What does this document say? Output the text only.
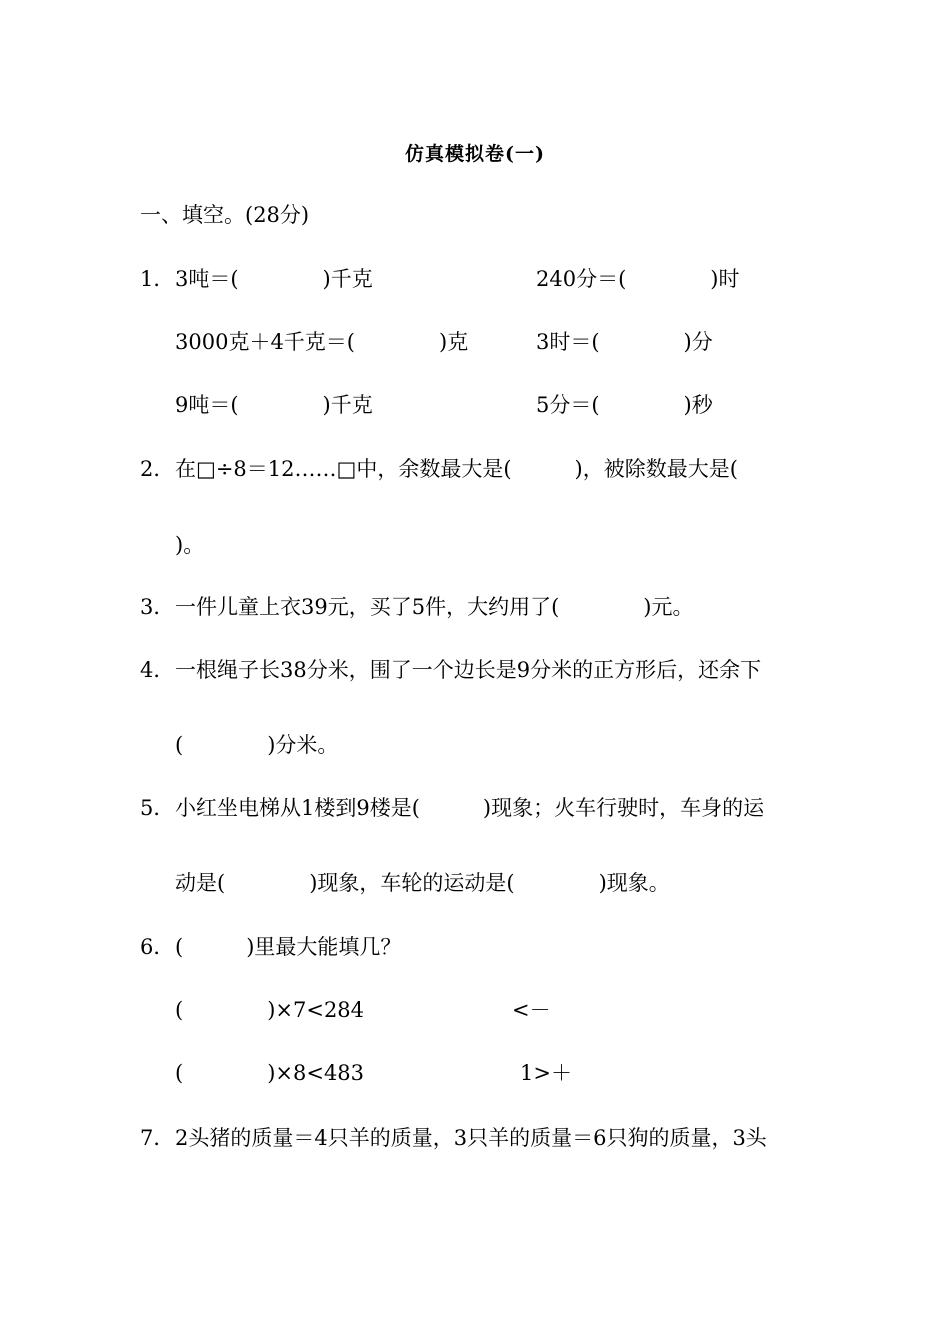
仿真模拟卷(一)
一、填空。(28分)
1． 3吨＝(　　　　)千克	240分＝(　　　　)时
3000克＋4千克＝(　　　　)克	3时＝(　　　　)分
9吨＝(　　　　)千克	5分＝(　　　　)秒
2． 在□÷8＝12……□中，余数最大是(　　　)，被除数最大是(
)。
3． 一件儿童上衣39元，买了5件，大约用了(　　　　)元。
4． 一根绳子长38分米，围了一个边长是9分米的正方形后，还余下
(　　　　)分米。
5． 小红坐电梯从1楼到9楼是(　　　)现象；火车行驶时，车身的运
动是(　　　　)现象，车轮的运动是(　　　　)现象。
6． (　　　)里最大能填几？
(　　　　)×7<284	<－
(　　　　)×8<483	1>＋
7． 2头猪的质量＝4只羊的质量，3只羊的质量＝6只狗的质量，3头
